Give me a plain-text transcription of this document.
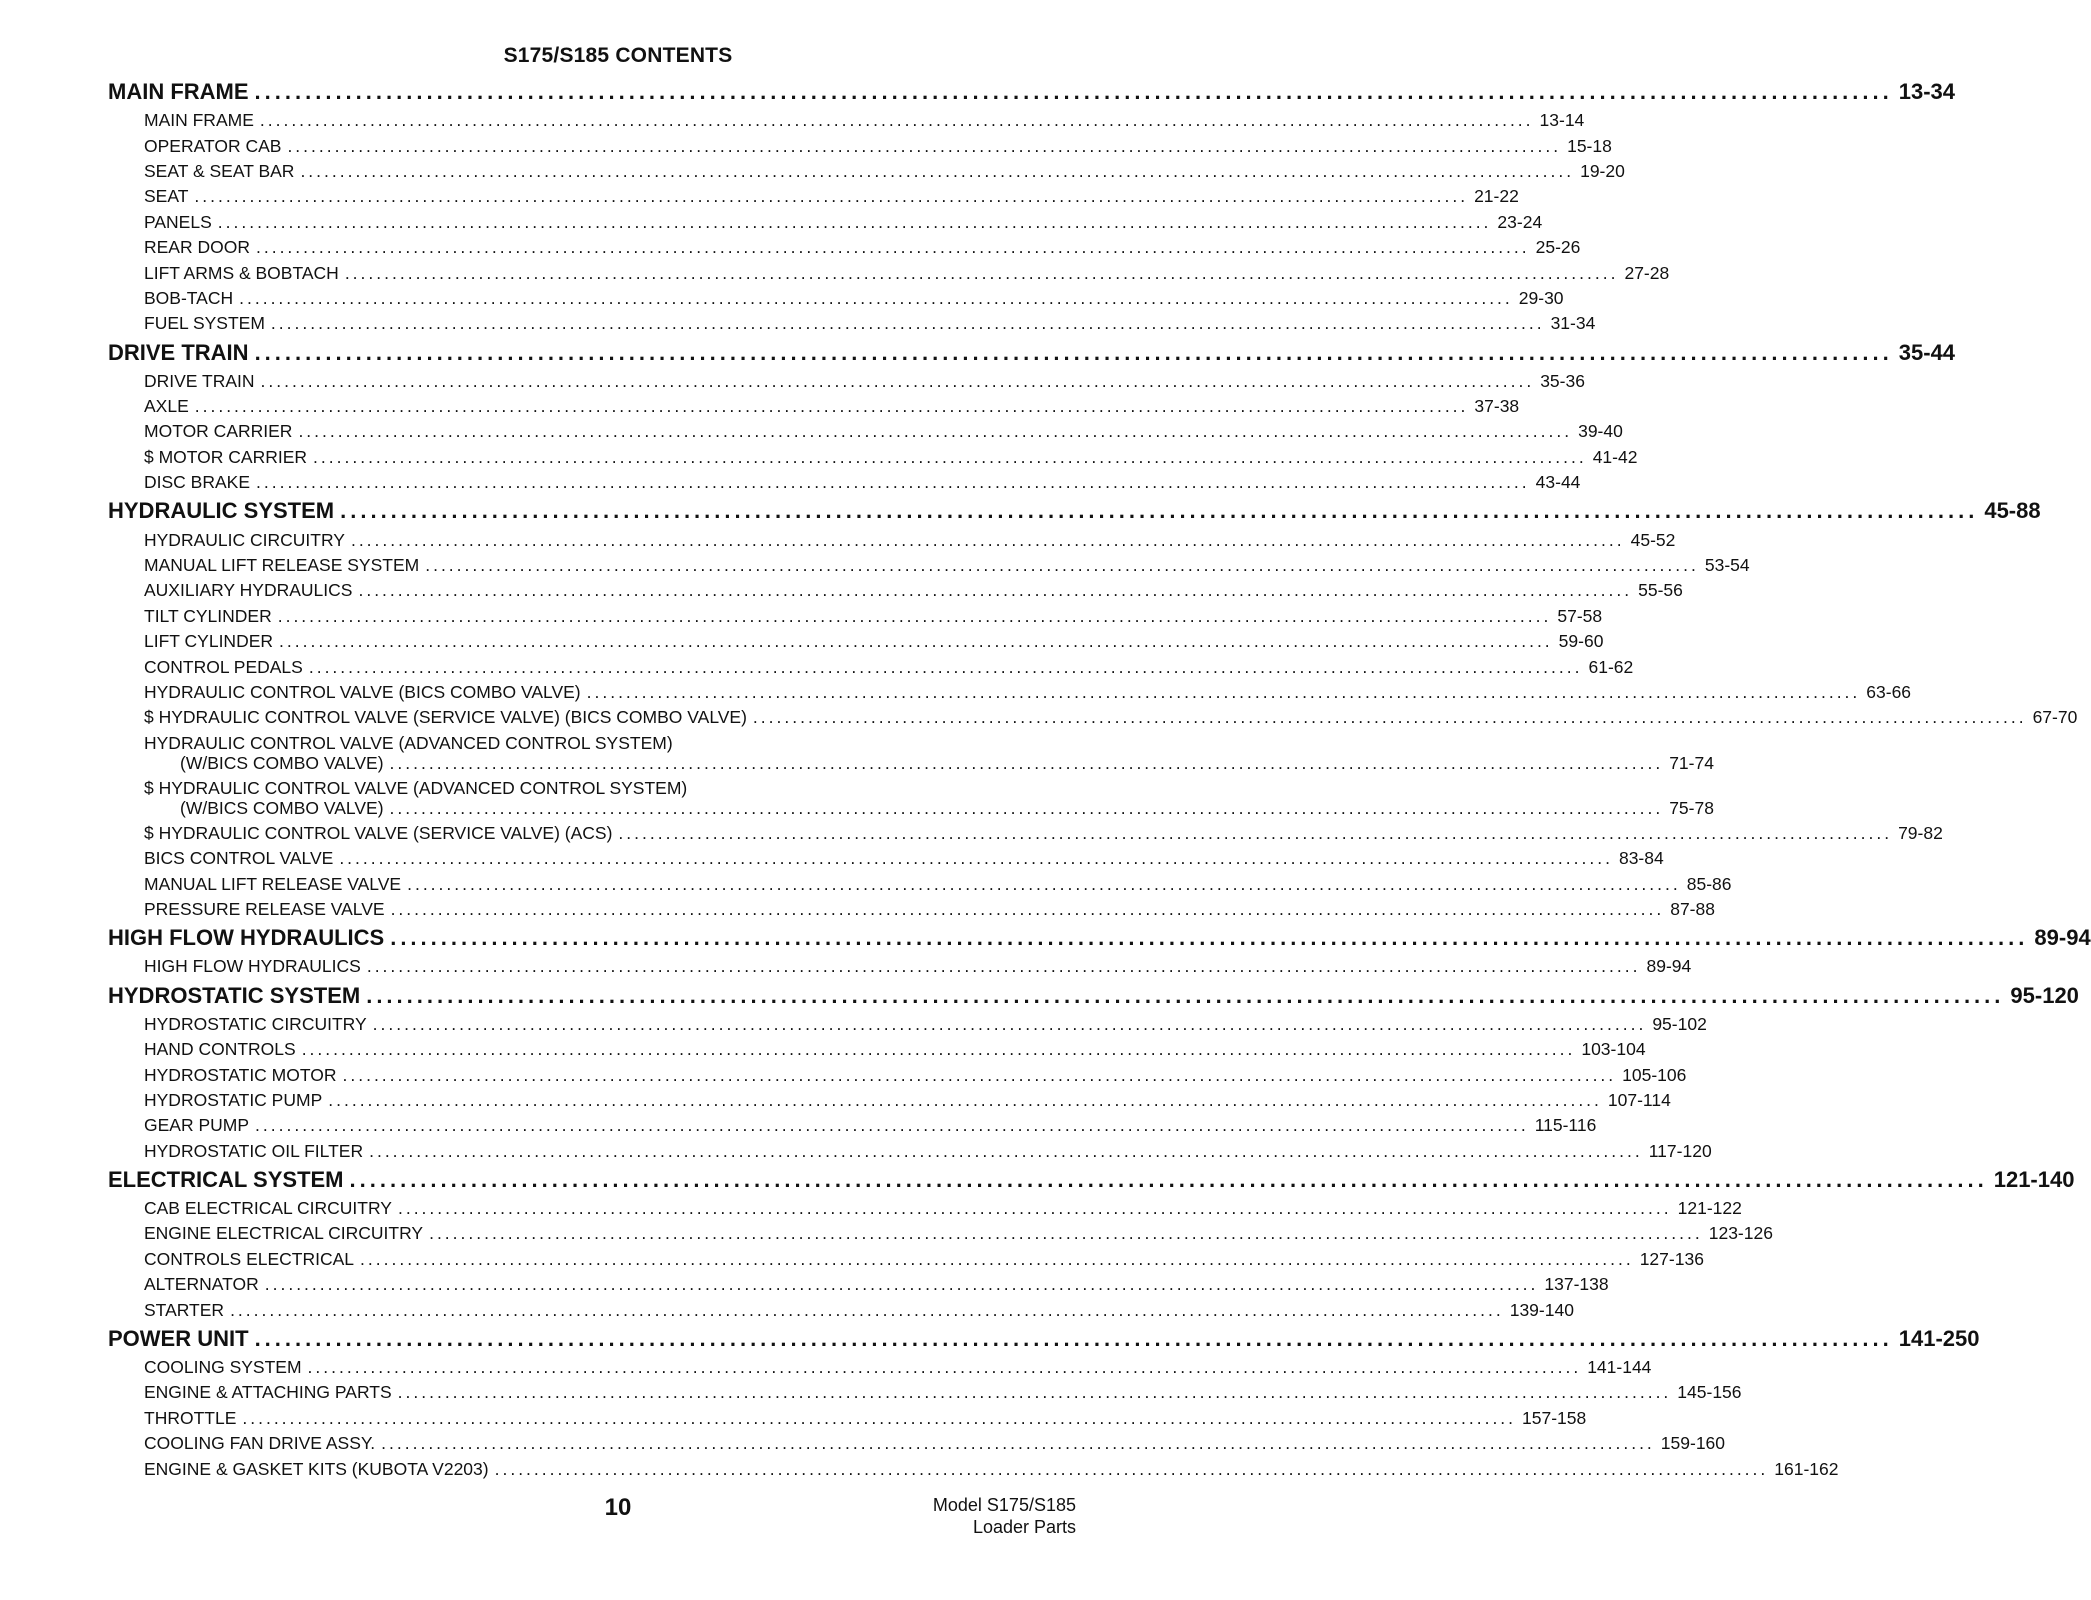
S175/S185 CONTENTS
MAIN FRAME .................................................................................................................................................................. 13-34
MAIN FRAME .................................................................................................................................................................. 13-14
OPERATOR CAB .................................................................................................................................................................. 15-18
SEAT & SEAT BAR .................................................................................................................................................................. 19-20
SEAT .................................................................................................................................................................. 21-22
PANELS .................................................................................................................................................................. 23-24
REAR DOOR .................................................................................................................................................................. 25-26
LIFT ARMS & BOBTACH .................................................................................................................................................................. 27-28
BOB-TACH .................................................................................................................................................................. 29-30
FUEL SYSTEM .................................................................................................................................................................. 31-34
DRIVE TRAIN .................................................................................................................................................................. 35-44
DRIVE TRAIN .................................................................................................................................................................. 35-36
AXLE .................................................................................................................................................................. 37-38
MOTOR CARRIER .................................................................................................................................................................. 39-40
$ MOTOR CARRIER .................................................................................................................................................................. 41-42
DISC BRAKE .................................................................................................................................................................. 43-44
HYDRAULIC SYSTEM .................................................................................................................................................................. 45-88
HYDRAULIC CIRCUITRY .................................................................................................................................................................. 45-52
MANUAL LIFT RELEASE SYSTEM .................................................................................................................................................................. 53-54
AUXILIARY HYDRAULICS .................................................................................................................................................................. 55-56
TILT CYLINDER .................................................................................................................................................................. 57-58
LIFT CYLINDER .................................................................................................................................................................. 59-60
CONTROL PEDALS .................................................................................................................................................................. 61-62
HYDRAULIC CONTROL VALVE (BICS COMBO VALVE) .................................................................................................................................................................. 63-66
$ HYDRAULIC CONTROL VALVE (SERVICE VALVE) (BICS COMBO VALVE) .................................................................................................................................................................. 67-70
HYDRAULIC CONTROL VALVE (ADVANCED CONTROL SYSTEM)
(W/BICS COMBO VALVE) .................................................................................................................................................................. 71-74
$ HYDRAULIC CONTROL VALVE (ADVANCED CONTROL SYSTEM)
(W/BICS COMBO VALVE) .................................................................................................................................................................. 75-78
$ HYDRAULIC CONTROL VALVE (SERVICE VALVE) (ACS) .................................................................................................................................................................. 79-82
BICS CONTROL VALVE .................................................................................................................................................................. 83-84
MANUAL LIFT RELEASE VALVE .................................................................................................................................................................. 85-86
PRESSURE RELEASE VALVE .................................................................................................................................................................. 87-88
HIGH FLOW HYDRAULICS .................................................................................................................................................................. 89-94
HIGH FLOW HYDRAULICS .................................................................................................................................................................. 89-94
HYDROSTATIC SYSTEM .................................................................................................................................................................. 95-120
HYDROSTATIC CIRCUITRY .................................................................................................................................................................. 95-102
HAND CONTROLS .................................................................................................................................................................. 103-104
HYDROSTATIC MOTOR .................................................................................................................................................................. 105-106
HYDROSTATIC PUMP .................................................................................................................................................................. 107-114
GEAR PUMP .................................................................................................................................................................. 115-116
HYDROSTATIC OIL FILTER .................................................................................................................................................................. 117-120
ELECTRICAL SYSTEM .................................................................................................................................................................. 121-140
CAB ELECTRICAL CIRCUITRY .................................................................................................................................................................. 121-122
ENGINE ELECTRICAL CIRCUITRY .................................................................................................................................................................. 123-126
CONTROLS ELECTRICAL .................................................................................................................................................................. 127-136
ALTERNATOR .................................................................................................................................................................. 137-138
STARTER .................................................................................................................................................................. 139-140
POWER UNIT .................................................................................................................................................................. 141-250
COOLING SYSTEM .................................................................................................................................................................. 141-144
ENGINE & ATTACHING PARTS .................................................................................................................................................................. 145-156
THROTTLE .................................................................................................................................................................. 157-158
COOLING FAN DRIVE ASSY. .................................................................................................................................................................. 159-160
ENGINE & GASKET KITS (KUBOTA V2203) .................................................................................................................................................................. 161-162
10	Model S175/S185
Loader Parts
